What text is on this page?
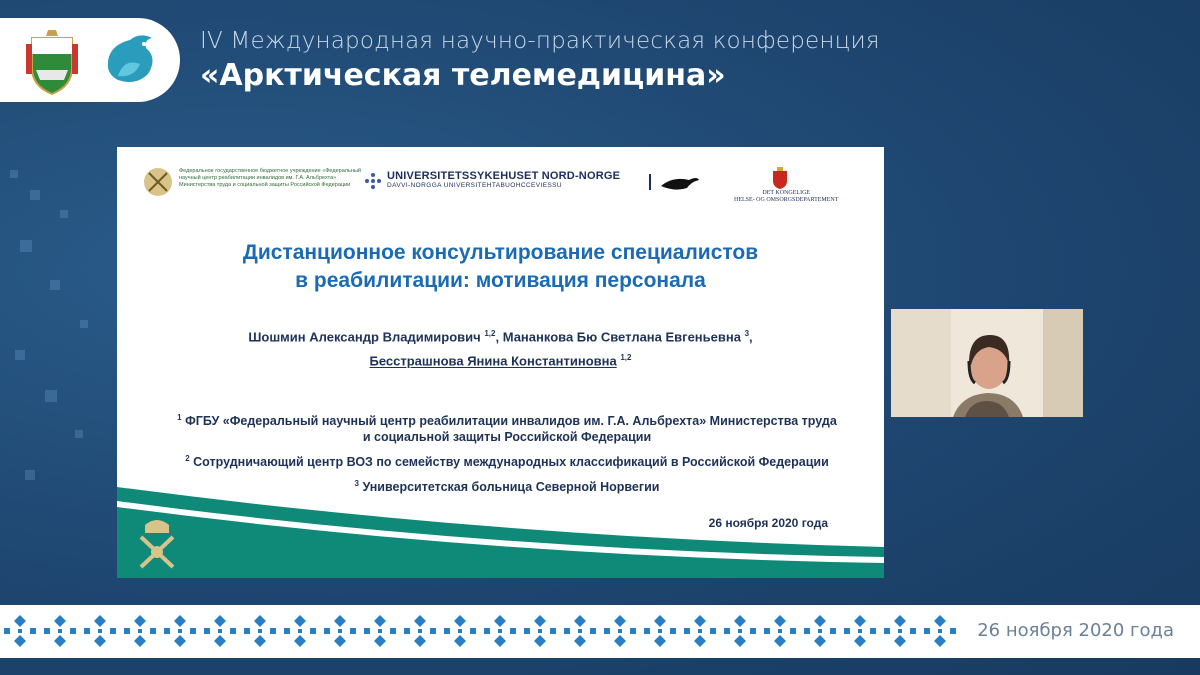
IV Международная научно-практическая конференция
«Арктическая телемедицина»
Федеральное государственное бюджетное учреждение «Федеральный научный центр реабилитации инвалидов им. Г.А. Альбрехта» Министерства труда и социальной защиты Российской Федерации
UNIVERSITETSSYKEHUSET NORD-NORGE
DAVVI-NORGGA UNIVERSITEHTABUOHCCEVIESSU
DET KONGELIGE
HELSE- OG OMSORGSDEPARTEMENT
Дистанционное консультирование специалистов
в реабилитации: мотивация персонала
Шошмин Александр Владимирович $^{1,2}$, Мананкова Бю Светлана Евгеньевна $^3$,
Бесстрашнова Янина Константиновна $^{1,2}$

$^1$ ФГБУ «Федеральный научный центр реабилитации инвалидов им. Г.А. Альбрехта» Министерства труда и социальной защиты Российской Федерации

$^2$ Сотрудничающий центр ВОЗ по семейству международных классификаций в Российской Федерации

$^3$ Университетская больница Северной Норвегии

26 ноября 2020 года
26 ноября 2020 года
